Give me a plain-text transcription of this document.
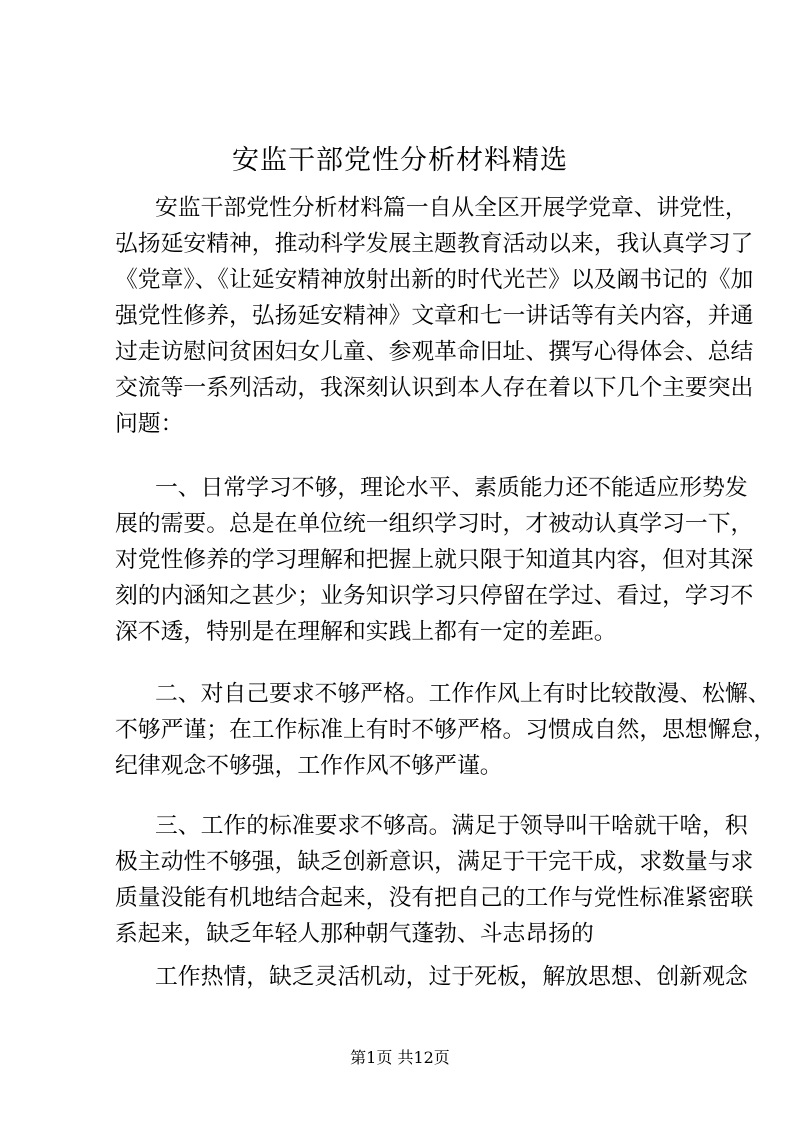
安监干部党性分析材料精选
安监干部党性分析材料篇一自从全区开展学党章、讲党性，
弘扬延安精神，推动科学发展主题教育活动以来，我认真学习了
《党章》、《让延安精神放射出新的时代光芒》以及阚书记的《加
强党性修养，弘扬延安精神》文章和七一讲话等有关内容，并通
过走访慰问贫困妇女儿童、参观革命旧址、撰写心得体会、总结
交流等一系列活动，我深刻认识到本人存在着以下几个主要突出
问题：
一、日常学习不够，理论水平、素质能力还不能适应形势发
展的需要。总是在单位统一组织学习时，才被动认真学习一下，
对党性修养的学习理解和把握上就只限于知道其内容，但对其深
刻的内涵知之甚少；业务知识学习只停留在学过、看过，学习不
深不透，特别是在理解和实践上都有一定的差距。
二、对自己要求不够严格。工作作风上有时比较散漫、松懈、
不够严谨；在工作标准上有时不够严格。习惯成自然，思想懈怠，
纪律观念不够强，工作作风不够严谨。
三、工作的标准要求不够高。满足于领导叫干啥就干啥，积
极主动性不够强，缺乏创新意识，满足于干完干成，求数量与求
质量没能有机地结合起来，没有把自己的工作与党性标准紧密联
系起来，缺乏年轻人那种朝气蓬勃、斗志昂扬的
工作热情，缺乏灵活机动，过于死板，解放思想、创新观念
第1页 共12页
